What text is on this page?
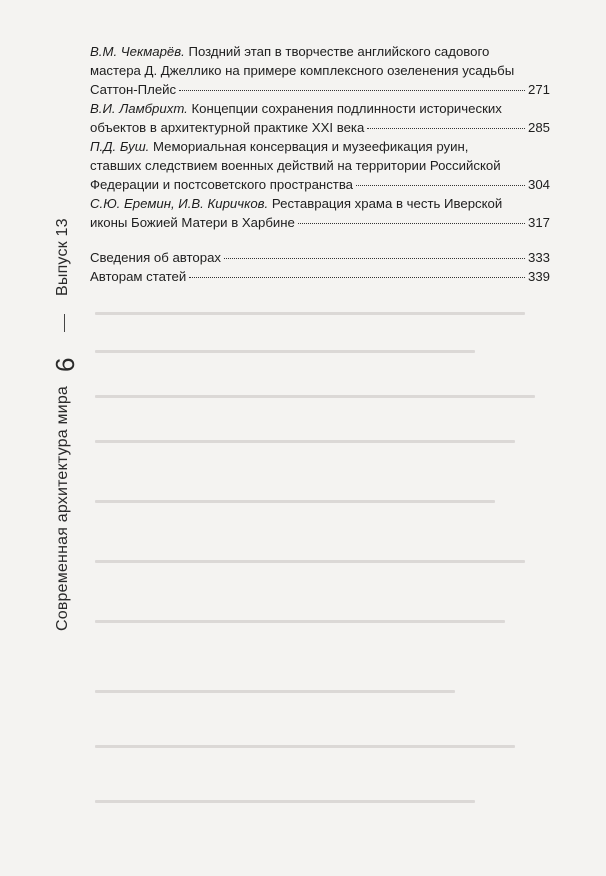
Выпуск 13
6
Современная архитектура мира
В.М. Чекмарёв. Поздний этап в творчестве английского садового
мастера Д. Джеллико на примере комплексного озеленения усадьбы
Саттон-Плейс	271
В.И. Ламбрихт. Концепции сохранения подлинности исторических
объектов в архитектурной практике XXI века	285
П.Д. Буш. Мемориальная консервация и музеефикация руин,
ставших следствием военных действий на территории Российской
Федерации и постсоветского пространства	304
С.Ю. Еремин, И.В. Киричков. Реставрация храма в честь Иверской
иконы Божией Матери в Харбине	317
Сведения об авторах	333
Авторам статей	339
